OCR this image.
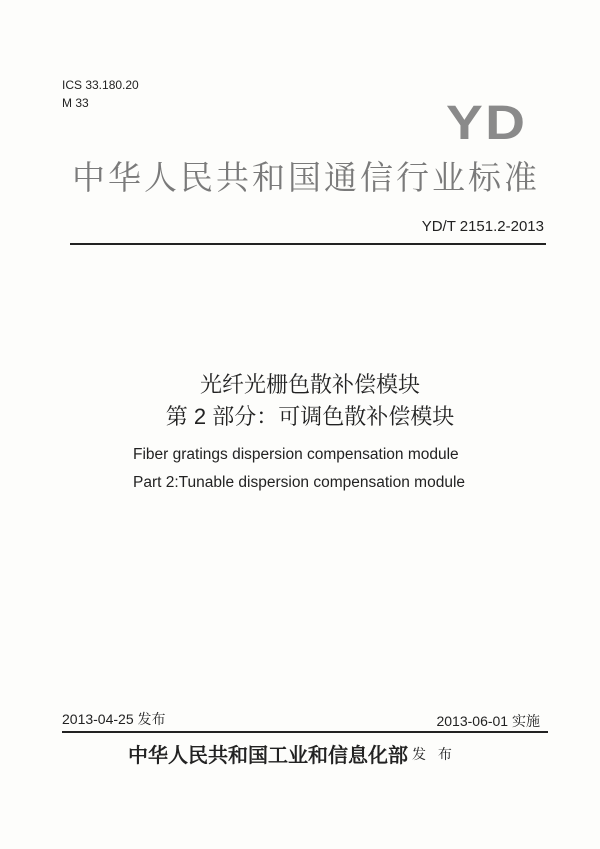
ICS 33.180.20
M 33	YD
中华人民共和国通信行业标准
YD/T 2151.2-2013
光纤光栅色散补偿模块
第 2 部分：可调色散补偿模块
Fiber gratings dispersion compensation module
Part 2:Tunable dispersion compensation module
2013-04-25 发布	2013-06-01 实施
中华人民共和国工业和信息化部 发 布
